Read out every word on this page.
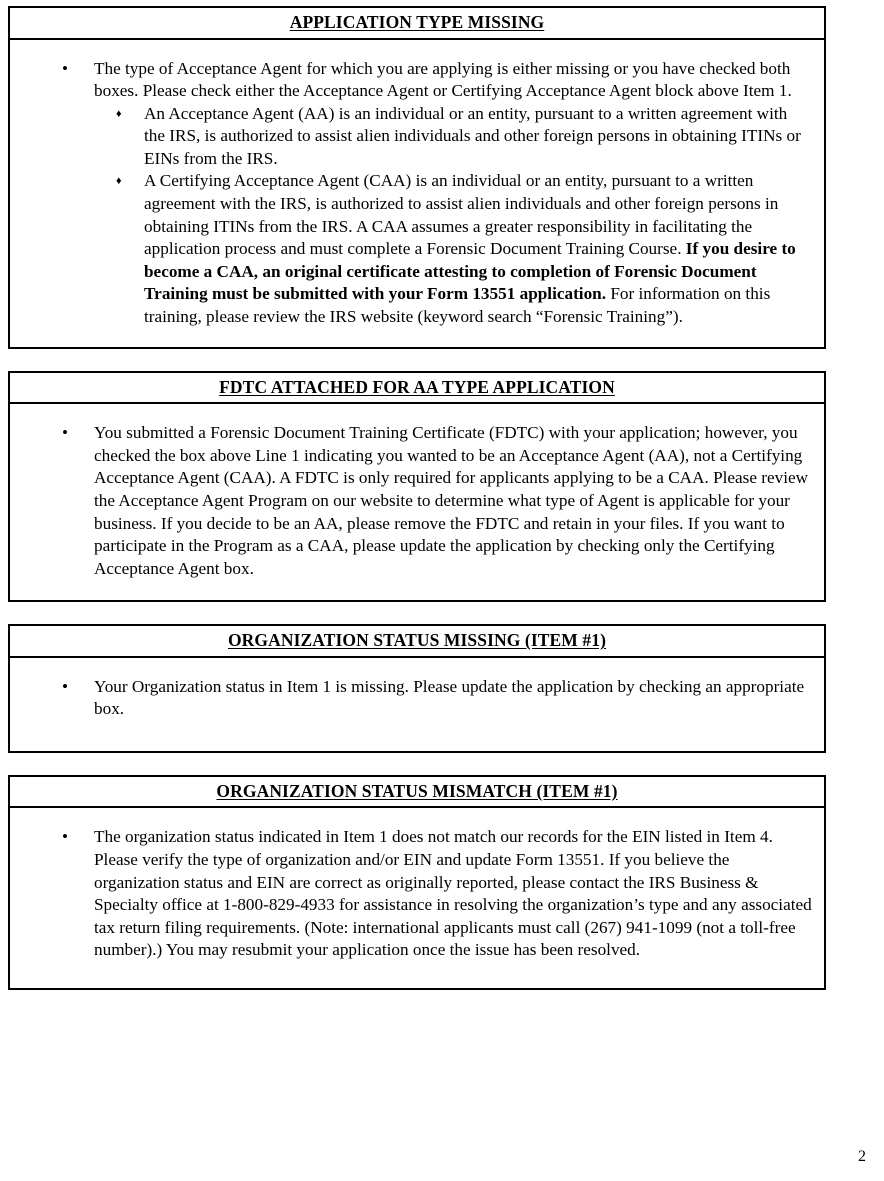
APPLICATION TYPE MISSING
• The type of Acceptance Agent for which you are applying is either missing or you have checked both boxes. Please check either the Acceptance Agent or Certifying Acceptance Agent block above Item 1.
♦ An Acceptance Agent (AA) is an individual or an entity, pursuant to a written agreement with the IRS, is authorized to assist alien individuals and other foreign persons in obtaining ITINs or EINs from the IRS.
♦ A Certifying Acceptance Agent (CAA) is an individual or an entity, pursuant to a written agreement with the IRS, is authorized to assist alien individuals and other foreign persons in obtaining ITINs from the IRS. A CAA assumes a greater responsibility in facilitating the application process and must complete a Forensic Document Training Course. If you desire to become a CAA, an original certificate attesting to completion of Forensic Document Training must be submitted with your Form 13551 application. For information on this training, please review the IRS website (keyword search “Forensic Training”).
FDTC ATTACHED FOR AA TYPE APPLICATION
• You submitted a Forensic Document Training Certificate (FDTC) with your application; however, you checked the box above Line 1 indicating you wanted to be an Acceptance Agent (AA), not a Certifying Acceptance Agent (CAA). A FDTC is only required for applicants applying to be a CAA. Please review the Acceptance Agent Program on our website to determine what type of Agent is applicable for your business. If you decide to be an AA, please remove the FDTC and retain in your files. If you want to participate in the Program as a CAA, please update the application by checking only the Certifying Acceptance Agent box.
ORGANIZATION STATUS MISSING (ITEM #1)
• Your Organization status in Item 1 is missing. Please update the application by checking an appropriate box.
ORGANIZATION STATUS MISMATCH (ITEM #1)
• The organization status indicated in Item 1 does not match our records for the EIN listed in Item 4. Please verify the type of organization and/or EIN and update Form 13551. If you believe the organization status and EIN are correct as originally reported, please contact the IRS Business & Specialty office at 1-800-829-4933 for assistance in resolving the organization’s type and any associated tax return filing requirements. (Note: international applicants must call (267) 941-1099 (not a toll-free number).) You may resubmit your application once the issue has been resolved.
2
